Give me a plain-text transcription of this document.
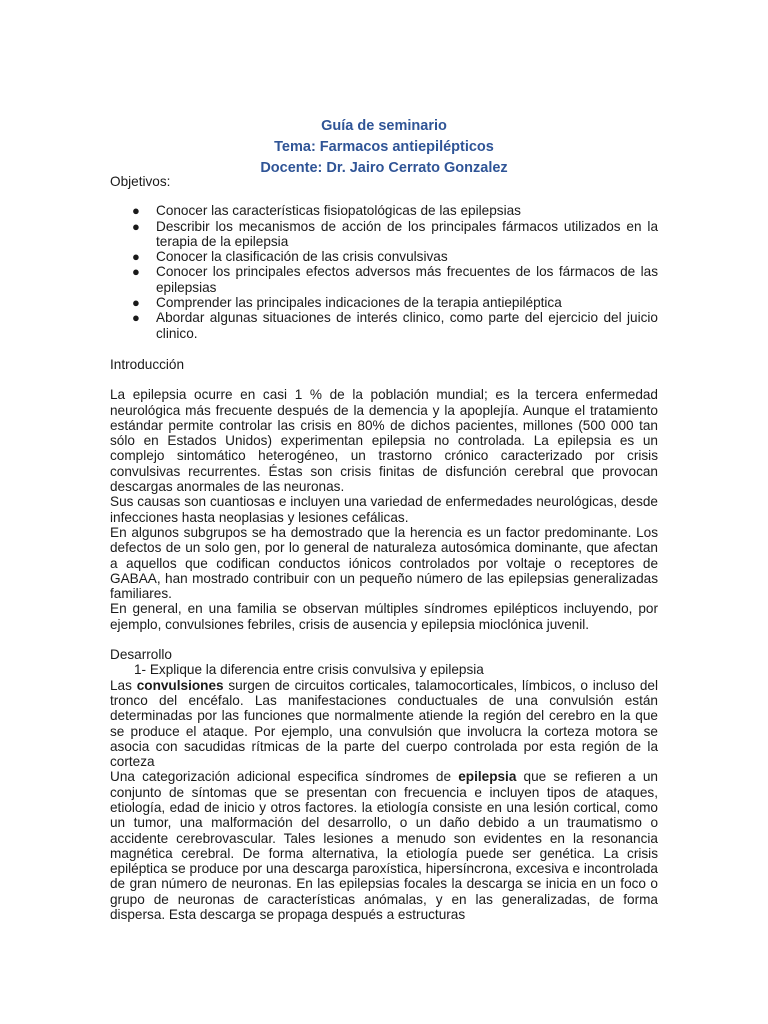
Guía de seminario
Tema: Farmacos antiepilépticos
Docente: Dr. Jairo Cerrato Gonzalez

Objetivos:

● Conocer las características fisiopatológicas de las epilepsias
● Describir los mecanismos de acción de los principales fármacos utilizados en la terapia de la epilepsia
● Conocer la clasificación de las crisis convulsivas
● Conocer los principales efectos adversos más frecuentes de los fármacos de las epilepsias
● Comprender las principales indicaciones de la terapia antiepiléptica
● Abordar algunas situaciones de interés clinico, como parte del ejercicio del juicio clinico.

Introducción

La epilepsia ocurre en casi 1 % de la población mundial; es la tercera enfermedad neurológica más frecuente después de la demencia y la apoplejía. Aunque el tratamiento estándar permite controlar las crisis en 80% de dichos pacientes, millones (500 000 tan sólo en Estados Unidos) experimentan epilepsia no controlada. La epilepsia es un complejo sintomático heterogéneo, un trastorno crónico caracterizado por crisis convulsivas recurrentes. Éstas son crisis finitas de disfunción cerebral que provocan descargas anormales de las neuronas.

Sus causas son cuantiosas e incluyen una variedad de enfermedades neurológicas, desde infecciones hasta neoplasias y lesiones cefálicas.

En algunos subgrupos se ha demostrado que la herencia es un factor predominante. Los defectos de un solo gen, por lo general de naturaleza autosómica dominante, que afectan a aquellos que codifican conductos iónicos controlados por voltaje o receptores de GABAA, han mostrado contribuir con un pequeño número de las epilepsias generalizadas familiares.

En general, en una familia se observan múltiples síndromes epilépticos incluyendo, por ejemplo, convulsiones febriles, crisis de ausencia y epilepsia mioclónica juvenil.

Desarrollo

1- Explique la diferencia entre crisis convulsiva y epilepsia

Las convulsiones surgen de circuitos corticales, talamocorticales, límbicos, o incluso del tronco del encéfalo. Las manifestaciones conductuales de una convulsión están determinadas por las funciones que normalmente atiende la región del cerebro en la que se produce el ataque. Por ejemplo, una convulsión que involucra la corteza motora se asocia con sacudidas rítmicas de la parte del cuerpo controlada por esta región de la corteza

Una categorización adicional especifica síndromes de epilepsia que se refieren a un conjunto de síntomas que se presentan con frecuencia e incluyen tipos de ataques, etiología, edad de inicio y otros factores. la etiología consiste en una lesión cortical, como un tumor, una malformación del desarrollo, o un daño debido a un traumatismo o accidente cerebrovascular. Tales lesiones a menudo son evidentes en la resonancia magnética cerebral. De forma alternativa, la etiología puede ser genética. La crisis epiléptica se produce por una descarga paroxística, hipersíncrona, excesiva e incontrolada de gran número de neuronas. En las epilepsias focales la descarga se inicia en un foco o grupo de neuronas de características anómalas, y en las generalizadas, de forma dispersa. Esta descarga se propaga después a estructuras
